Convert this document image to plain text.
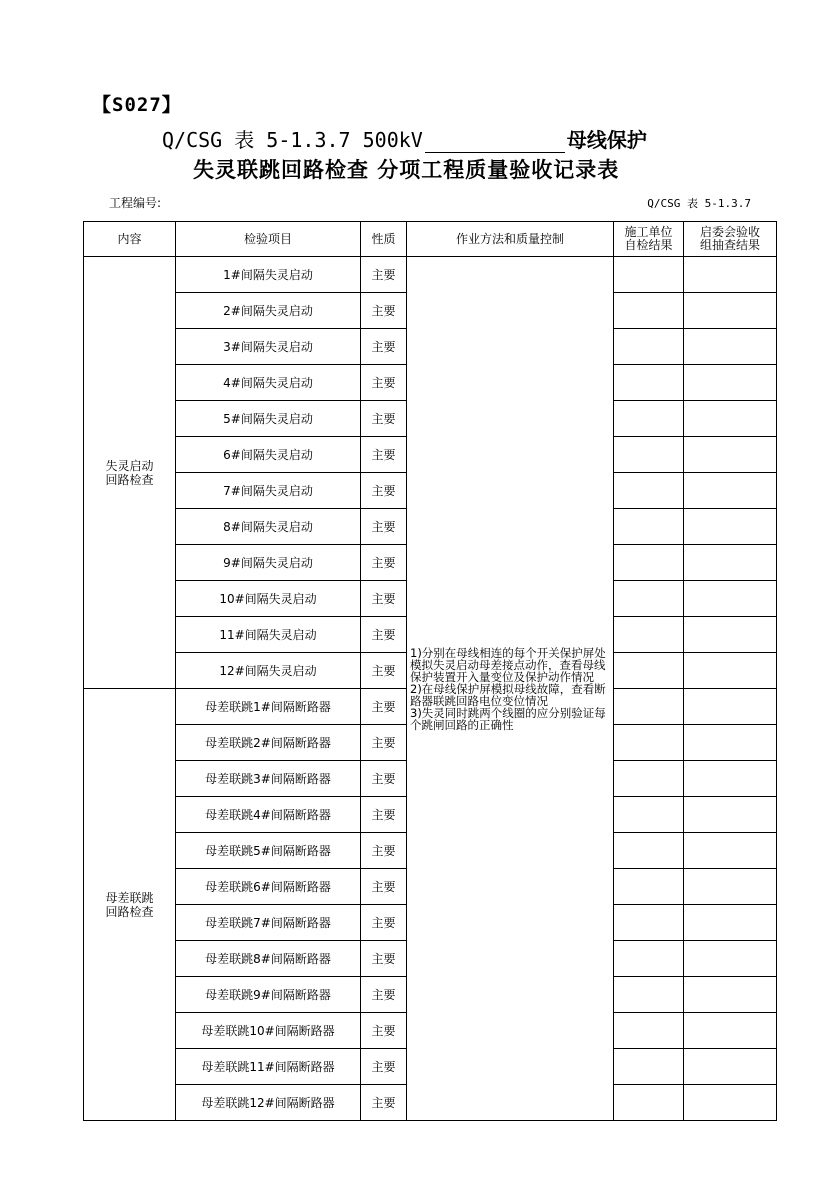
【S027】
Q/CSG 表 5-1.3.7 500kV	母线保护
失灵联跳回路检查 分项工程质量验收记录表
工程编号:	Q/CSG 表 5-1.3.7
内容	检验项目	性质	作业方法和质量控制	施工单位
自检结果	启委会验收
组抽查结果
失灵启动
回路检查	1#间隔失灵启动	主要	1)分别在母线相连的每个开关保护屏处模拟失灵启动母差接点动作，查看母线保护装置开入量变位及保护动作情况
2)在母线保护屏模拟母线故障，查看断路器联跳回路电位变位情况
3)失灵同时跳两个线圈的应分别验证每个跳闸回路的正确性		

	2#间隔失灵启动	主要			
	3#间隔失灵启动	主要			
	4#间隔失灵启动	主要			
	5#间隔失灵启动	主要			
	6#间隔失灵启动	主要			
	7#间隔失灵启动	主要			
	8#间隔失灵启动	主要			
	9#间隔失灵启动	主要			
	10#间隔失灵启动	主要			
	11#间隔失灵启动	主要			
	12#间隔失灵启动	主要			
母差联跳
回路检查	母差联跳1#间隔断路器	主要			
	母差联跳2#间隔断路器	主要			
	母差联跳3#间隔断路器	主要			
	母差联跳4#间隔断路器	主要			
	母差联跳5#间隔断路器	主要			
	母差联跳6#间隔断路器	主要			
	母差联跳7#间隔断路器	主要			
	母差联跳8#间隔断路器	主要			
	母差联跳9#间隔断路器	主要			
	母差联跳10#间隔断路器	主要			
	母差联跳11#间隔断路器	主要			
	母差联跳12#间隔断路器	主要			
